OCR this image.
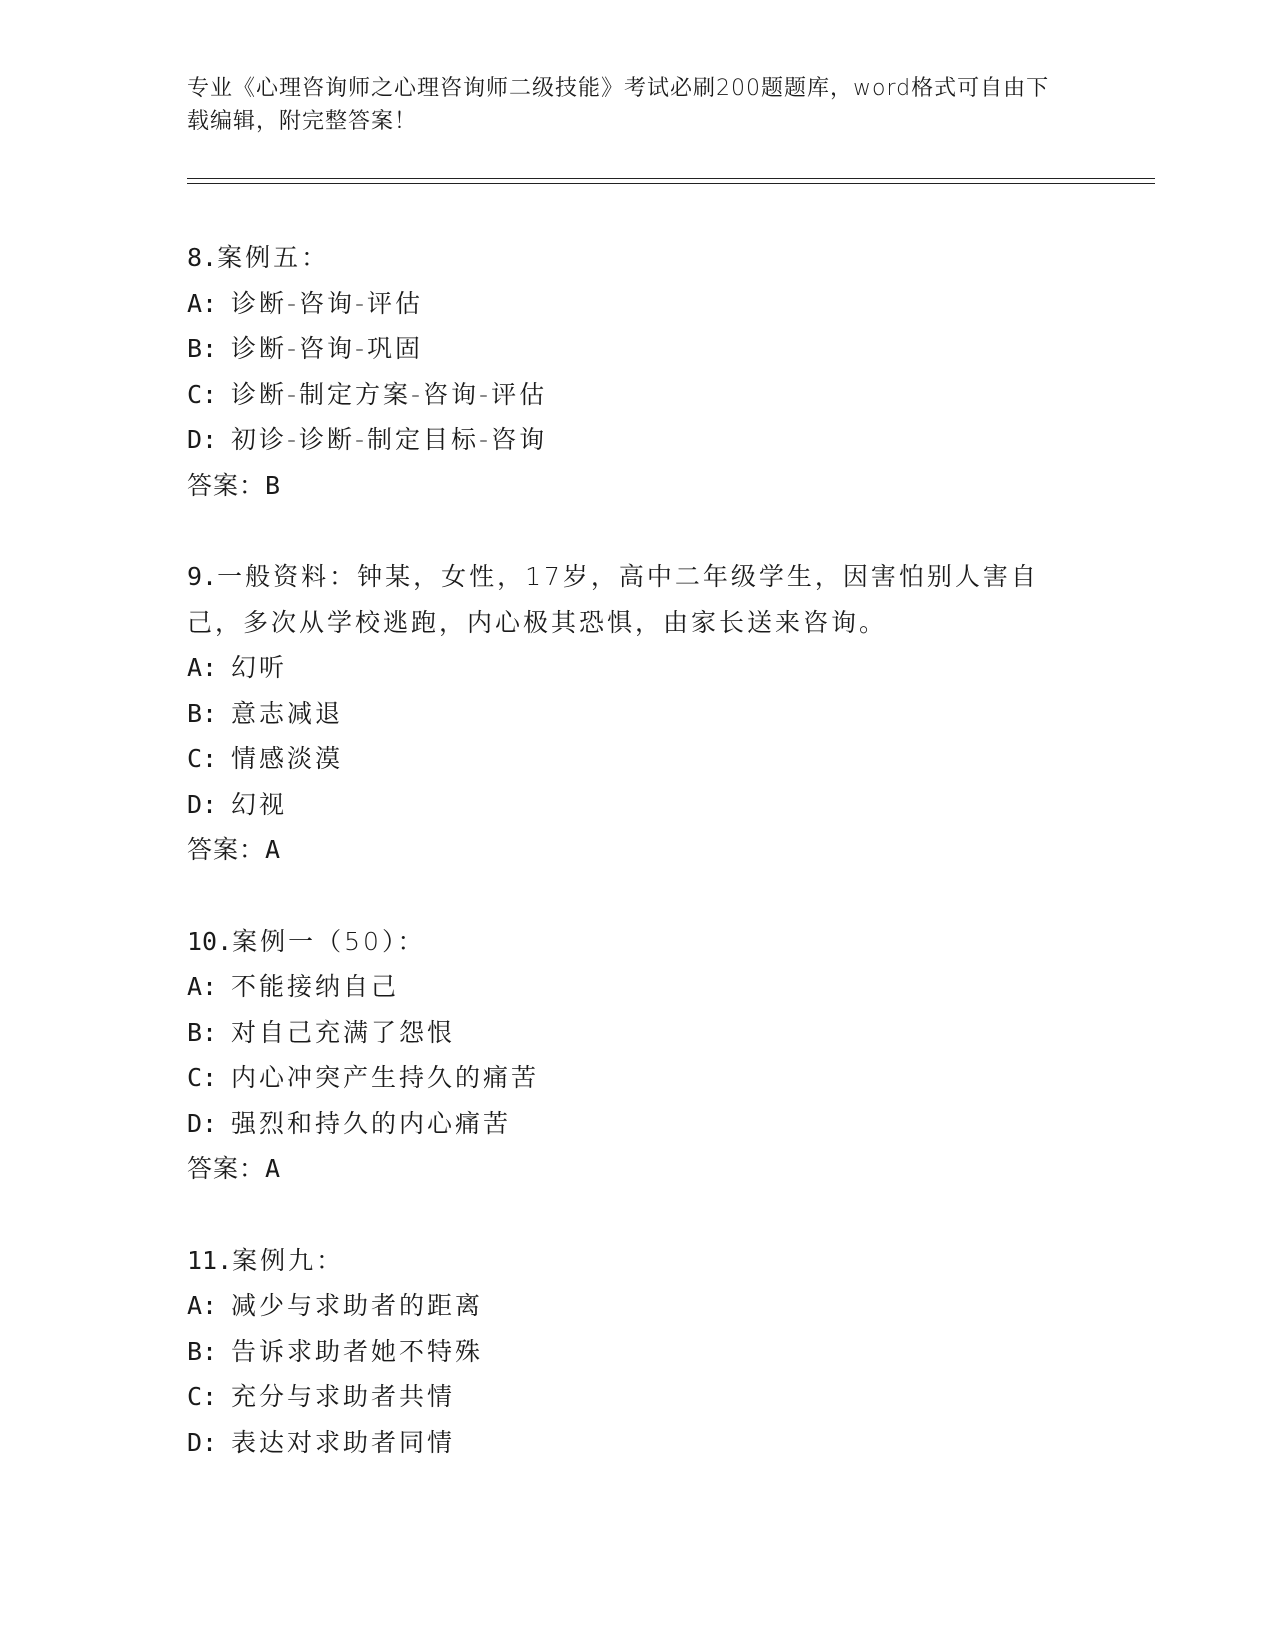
专业《心理咨询师之心理咨询师二级技能》考试必刷200题题库，word格式可自由下载编辑，附完整答案！
8.案例五：
A: 诊断-咨询-评估
B: 诊断-咨询-巩固
C: 诊断-制定方案-咨询-评估
D: 初诊-诊断-制定目标-咨询
答案：B
9.一般资料：钟某，女性，17岁，高中二年级学生，因害怕别人害自己，多次从学校逃跑，内心极其恐惧，由家长送来咨询。
A: 幻听
B: 意志减退
C: 情感淡漠
D: 幻视
答案：A
10.案例一（50）：
A: 不能接纳自己
B: 对自己充满了怨恨
C: 内心冲突产生持久的痛苦
D: 强烈和持久的内心痛苦
答案：A
11.案例九：
A: 减少与求助者的距离
B: 告诉求助者她不特殊
C: 充分与求助者共情
D: 表达对求助者同情
